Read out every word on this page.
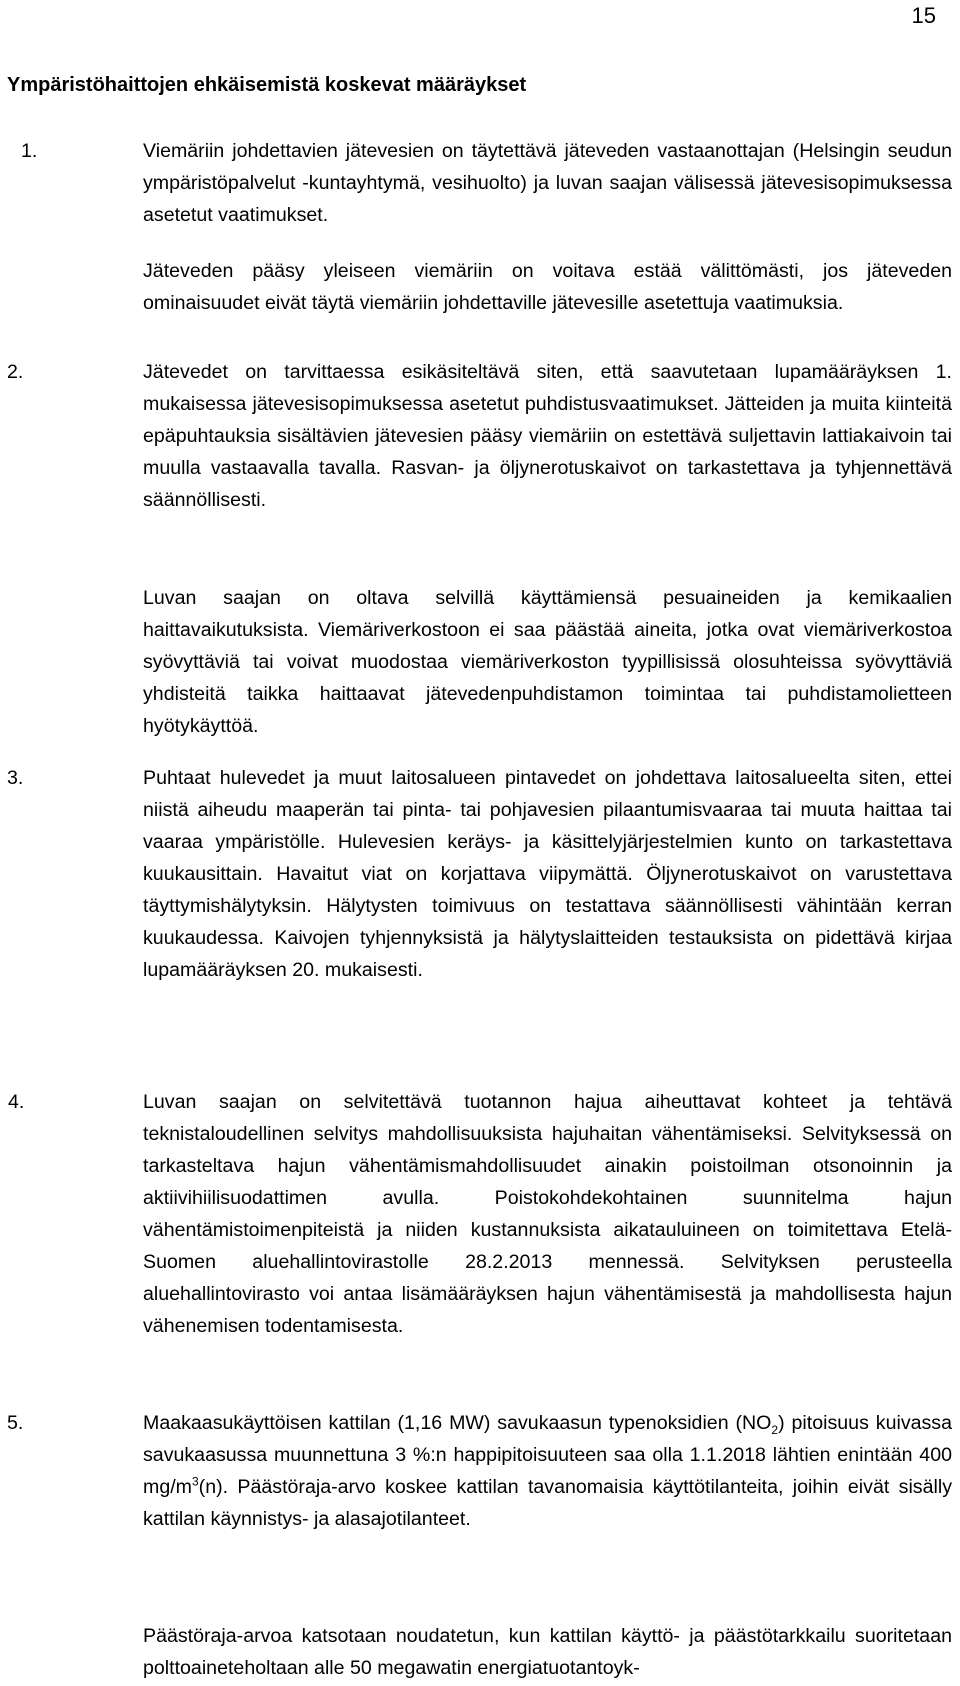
15
Ympäristöhaittojen ehkäisemistä koskevat määräykset
1.	Viemäriin johdettavien jätevesien on täytettävä jäteveden vastaanottajan (Helsingin seudun ympäristöpalvelut -kuntayhtymä, vesihuolto) ja luvan saajan välisessä jätevesisopimuksessa asetetut vaatimukset.

Jäteveden pääsy yleiseen viemäriin on voitava estää välittömästi, jos jäteveden ominaisuudet eivät täytä viemäriin johdettaville jätevesille asetettuja vaatimuksia.

2.	Jätevedet on tarvittaessa esikäsiteltävä siten, että saavutetaan lupamääräyksen 1. mukaisessa jätevesisopimuksessa asetetut puhdistusvaatimukset. Jätteiden ja muita kiinteitä epäpuhtauksia sisältävien jätevesien pääsy viemäriin on estettävä suljettavin lattiakaivoin tai muulla vastaavalla tavalla. Rasvan- ja öljynerotuskaivot on tarkastettava ja tyhjennettävä säännöllisesti.

Luvan saajan on oltava selvillä käyttämiensä pesuaineiden ja kemikaalien haittavaikutuksista. Viemäriverkostoon ei saa päästää aineita, jotka ovat viemäriverkostoa syövyttäviä tai voivat muodostaa viemäriverkoston tyypillisissä olosuhteissa syövyttäviä yhdisteitä taikka haittaavat jätevedenpuhdistamon toimintaa tai puhdistamolietteen hyötykäyttöä.

3.	Puhtaat hulevedet ja muut laitosalueen pintavedet on johdettava laitosalueelta siten, ettei niistä aiheudu maaperän tai pinta- tai pohjavesien pilaantumisvaaraa tai muuta haittaa tai vaaraa ympäristölle. Hulevesien keräys- ja käsittelyjärjestelmien kunto on tarkastettava kuukausittain. Havaitut viat on korjattava viipymättä. Öljynerotuskaivot on varustettava täyttymishälytyksin. Hälytysten toimivuus on testattava säännöllisesti vähintään kerran kuukaudessa. Kaivojen tyhjennyksistä ja hälytyslaitteiden testauksista on pidettävä kirjaa lupamääräyksen 20. mukaisesti.

4.	Luvan saajan on selvitettävä tuotannon hajua aiheuttavat kohteet ja tehtävä teknistaloudellinen selvitys mahdollisuuksista hajuhaitan vähentämiseksi. Selvityksessä on tarkasteltava hajun vähentämismahdollisuudet ainakin poistoilman otsonoinnin ja aktiivihiilisuodattimen avulla. Poistokohdekohtainen suunnitelma hajun vähentämistoimenpiteistä ja niiden kustannuksista aikatauluineen on toimitettava Etelä-Suomen aluehallintovirastolle 28.2.2013 mennessä. Selvityksen perusteella aluehallintovirasto voi antaa lisämääräyksen hajun vähentämisestä ja mahdollisesta hajun vähenemisen todentamisesta.

5.	Maakaasukäyttöisen kattilan (1,16 MW) savukaasun typenoksidien $(NO_2)$ pitoisuus kuivassa savukaasussa muunnettuna 3 %:n happipitoisuuteen saa olla 1.1.2018 lähtien enintään 400 $mg/m^3(n)$. Päästöraja-arvo koskee kattilan tavanomaisia käyttötilanteita, joihin eivät sisälly kattilan käynnistys- ja alasajotilanteet.

Päästöraja-arvoa katsotaan noudatetun, kun kattilan käyttö- ja päästötarkkailu suoritetaan polttoaineteholtaan alle 50 megawatin energiatuotantoyk-
